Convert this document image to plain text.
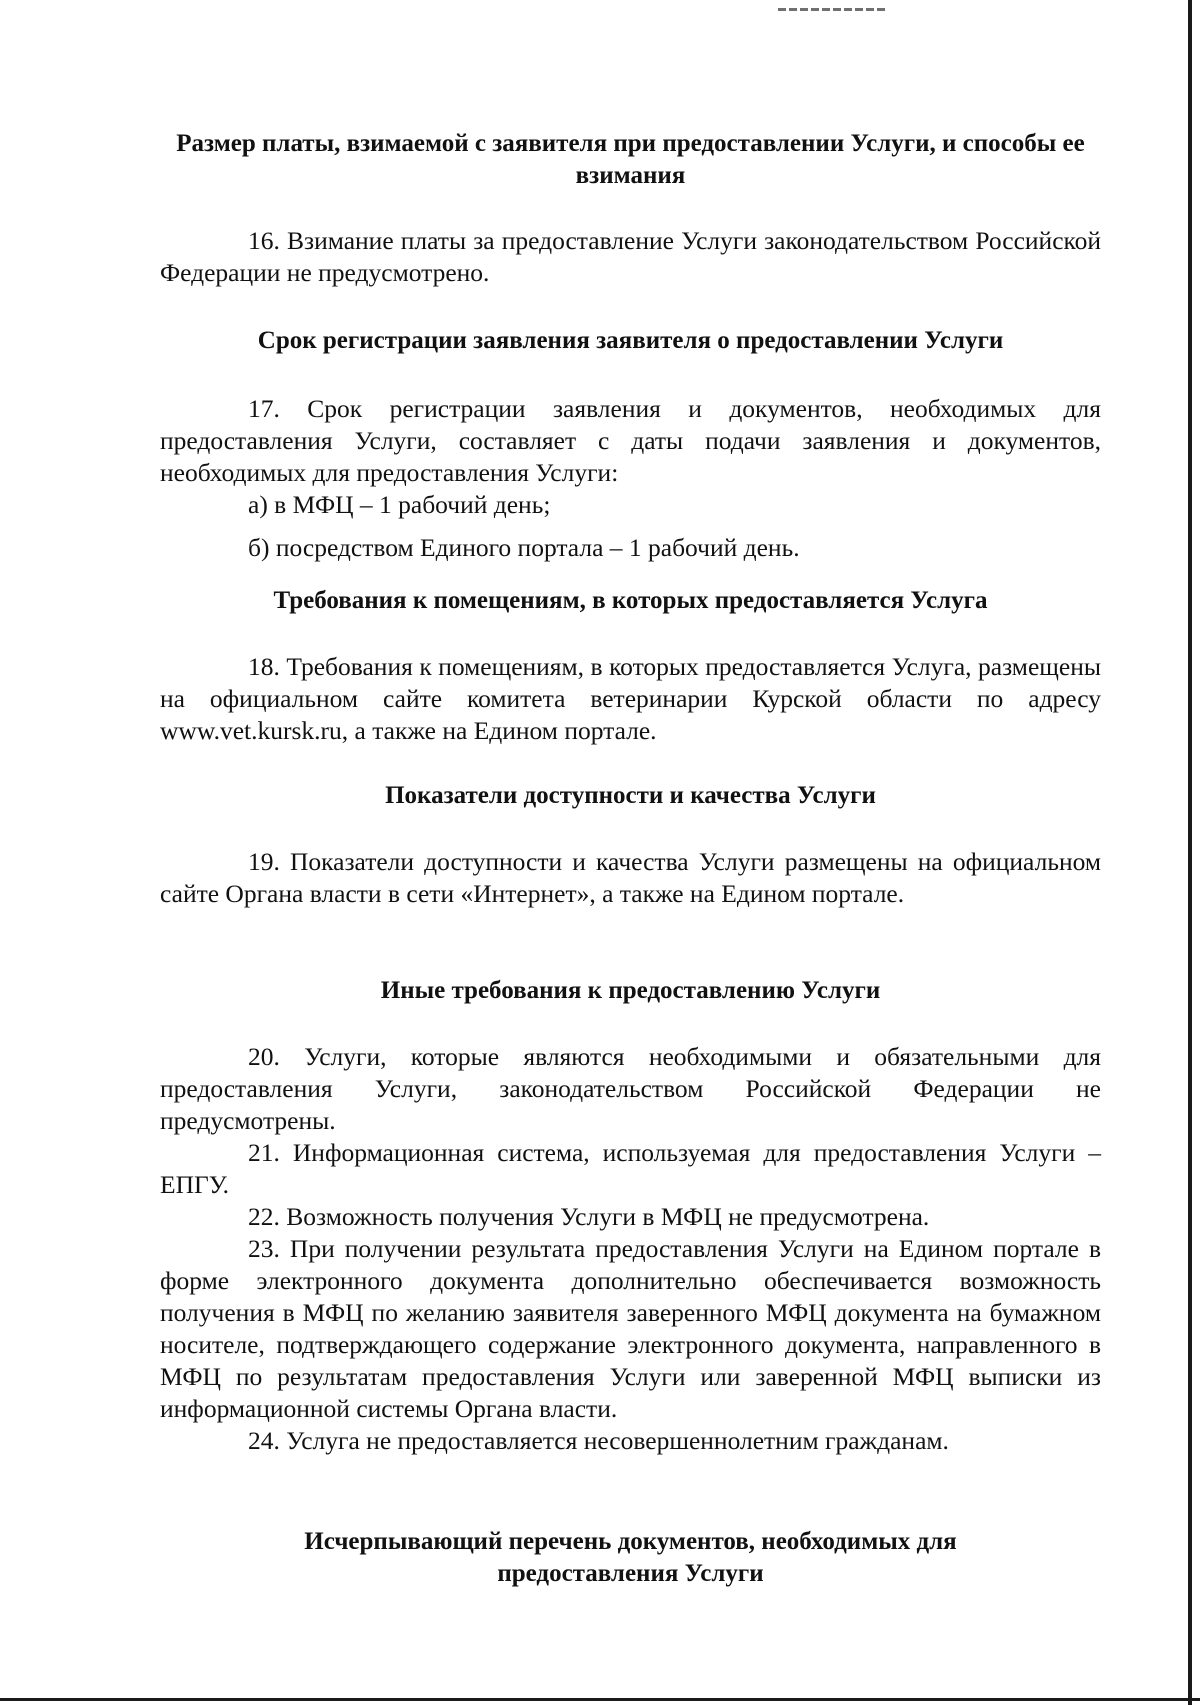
Размер платы, взимаемой с заявителя при предоставлении Услуги, и способы ее взимания

16. Взимание платы за предоставление Услуги законодательством Российской Федерации не предусмотрено.

Срок регистрации заявления заявителя о предоставлении Услуги

17. Срок регистрации заявления и документов, необходимых для предоставления Услуги, составляет с даты подачи заявления и документов, необходимых для предоставления Услуги:

а) в МФЦ – 1 рабочий день;

б) посредством Единого портала – 1 рабочий день.

Требования к помещениям, в которых предоставляется Услуга

18. Требования к помещениям, в которых предоставляется Услуга, размещены на официальном сайте комитета ветеринарии Курской области по адресу www.vet.kursk.ru, а также на Едином портале.

Показатели доступности и качества Услуги

19. Показатели доступности и качества Услуги размещены на официальном сайте Органа власти в сети «Интернет», а также на Едином портале.

Иные требования к предоставлению Услуги

20. Услуги, которые являются необходимыми и обязательными для предоставления Услуги, законодательством Российской Федерации не предусмотрены.

21. Информационная система, используемая для предоставления Услуги – ЕПГУ.

22. Возможность получения Услуги в МФЦ не предусмотрена.

23. При получении результата предоставления Услуги на Едином портале в форме электронного документа дополнительно обеспечивается возможность получения в МФЦ по желанию заявителя заверенного МФЦ документа на бумажном носителе, подтверждающего содержание электронного документа, направленного в МФЦ по результатам предоставления Услуги или заверенной МФЦ выписки из информационной системы Органа власти.

24. Услуга не предоставляется несовершеннолетним гражданам.

Исчерпывающий перечень документов, необходимых для предоставления Услуги
